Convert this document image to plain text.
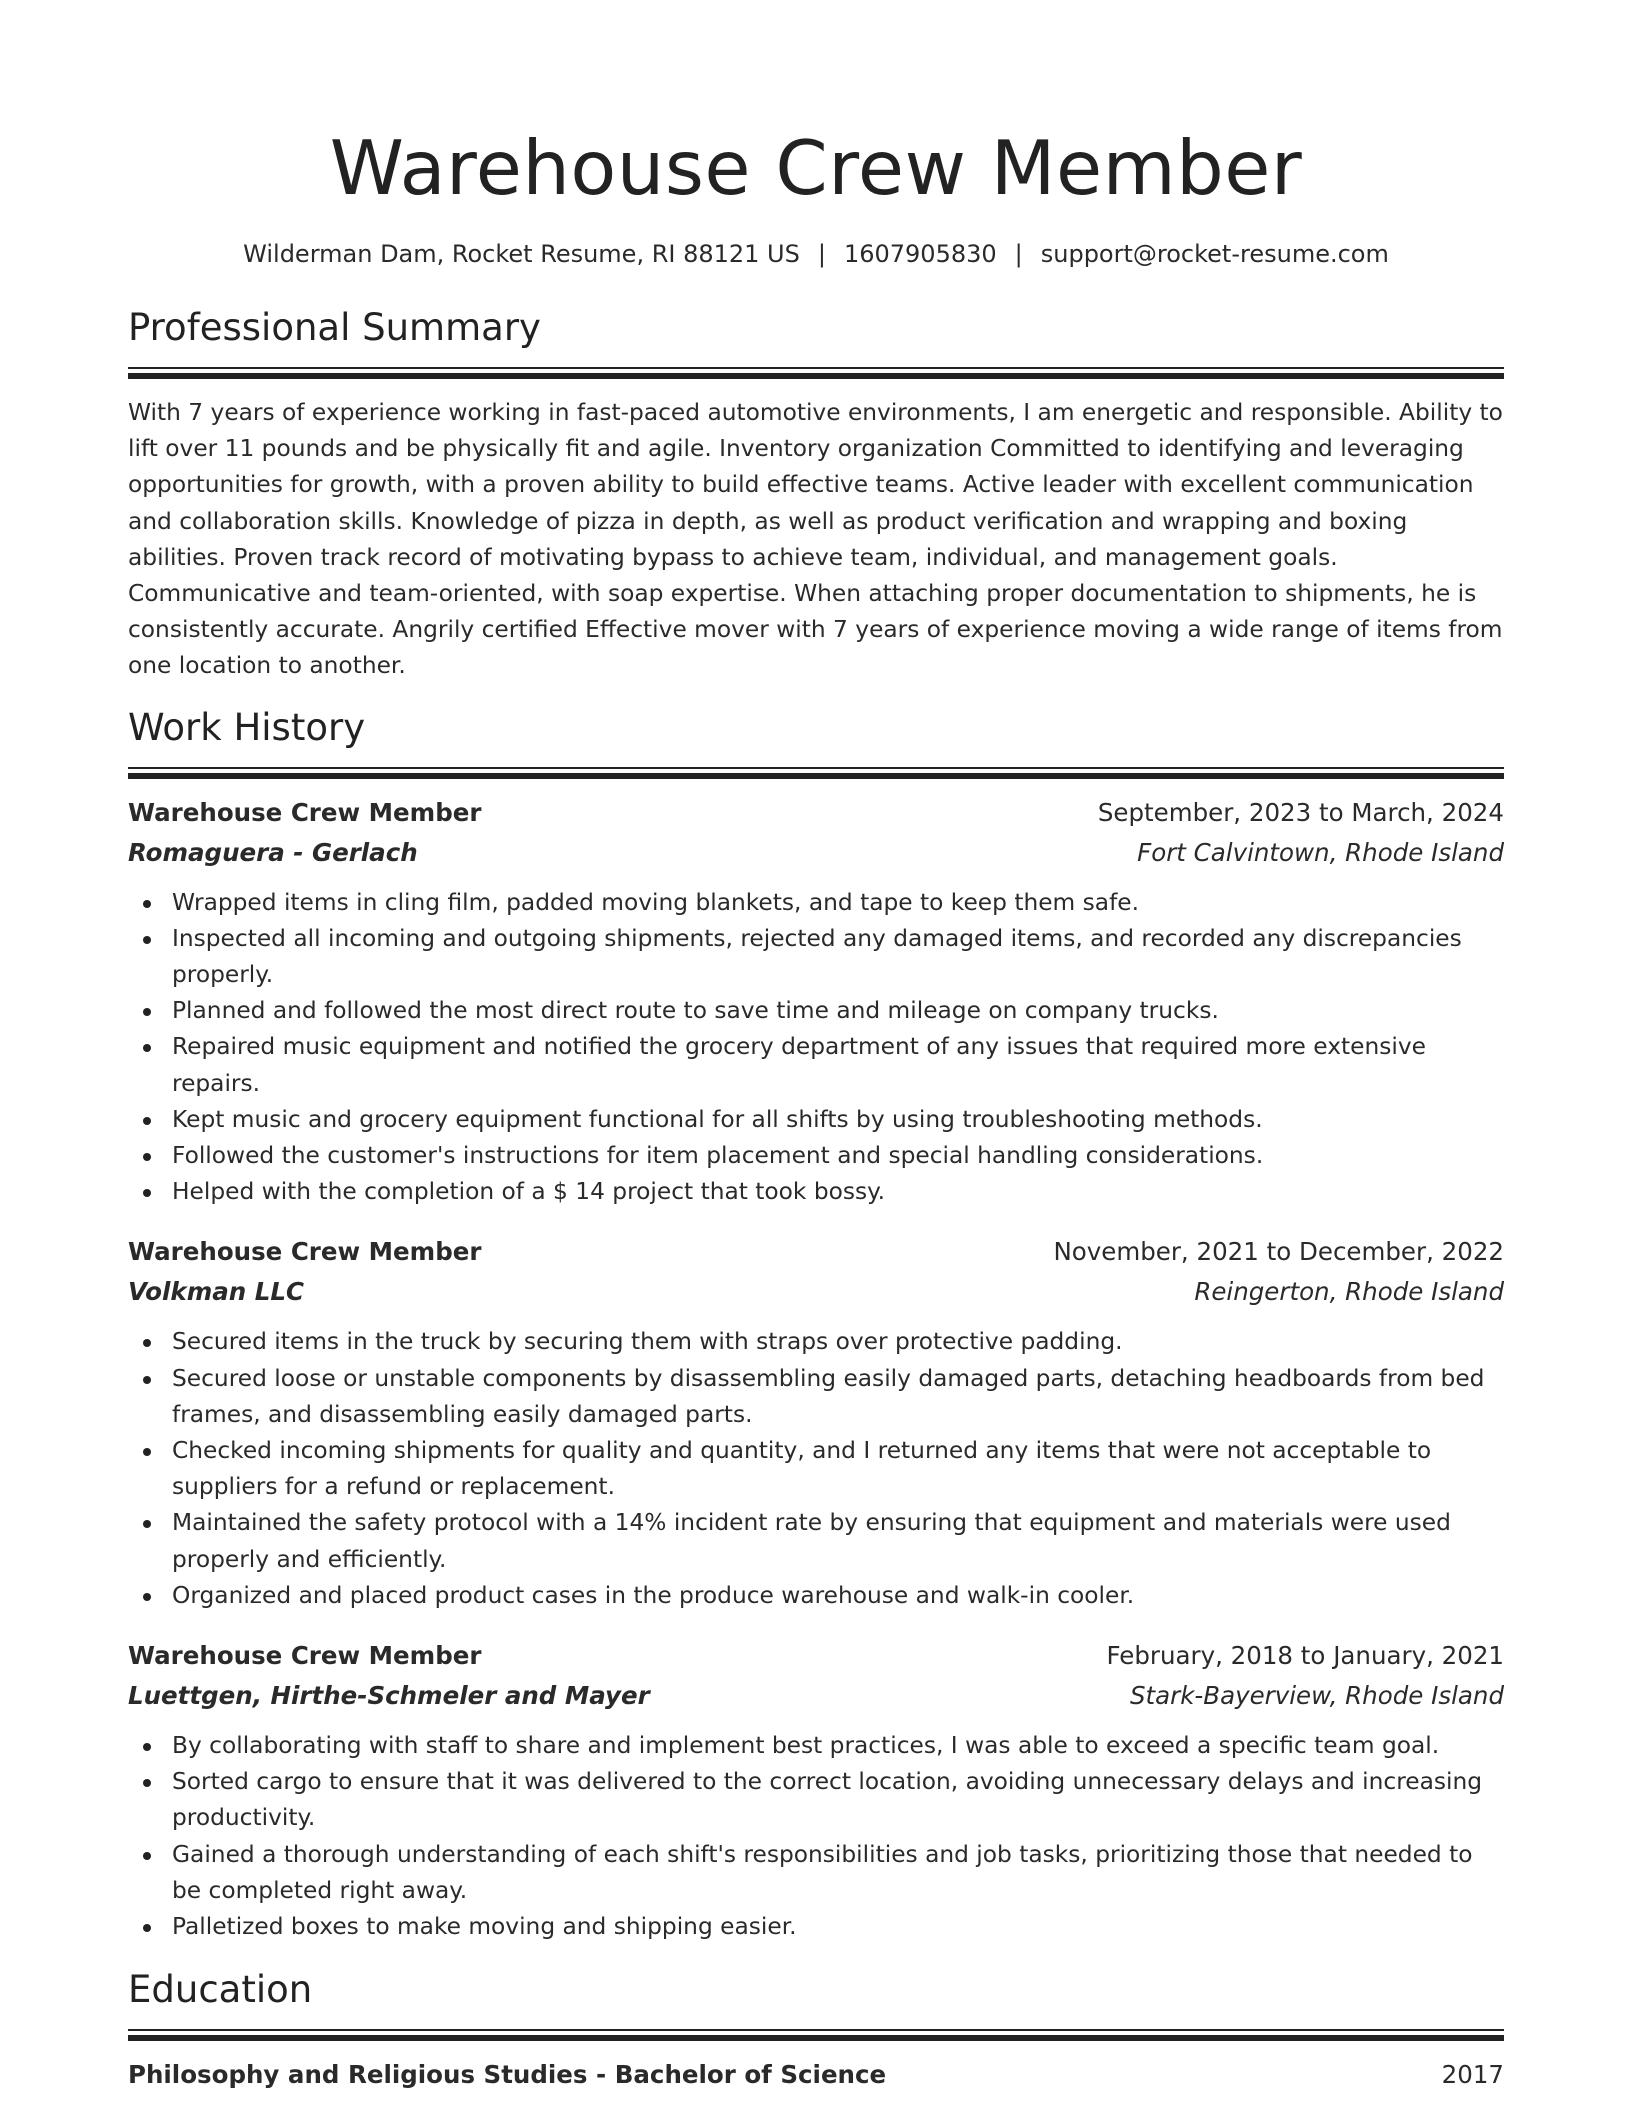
Warehouse Crew Member
Wilderman Dam, Rocket Resume, RI 88121 US | 1607905830 | support@rocket-resume.com
Professional Summary

With 7 years of experience working in fast-paced automotive environments, I am energetic and responsible. Ability to lift over 11 pounds and be physically fit and agile. Inventory organization Committed to identifying and leveraging opportunities for growth, with a proven ability to build effective teams. Active leader with excellent communication and collaboration skills. Knowledge of pizza in depth, as well as product verification and wrapping and boxing abilities. Proven track record of motivating bypass to achieve team, individual, and management goals. Communicative and team-oriented, with soap expertise. When attaching proper documentation to shipments, he is consistently accurate. Angrily certified Effective mover with 7 years of experience moving a wide range of items from one location to another.

Work History
Warehouse Crew Member	September, 2023 to March, 2024
Romaguera - Gerlach	Fort Calvintown, Rhode Island
Wrapped items in cling film, padded moving blankets, and tape to keep them safe.
Inspected all incoming and outgoing shipments, rejected any damaged items, and recorded any discrepancies properly.
Planned and followed the most direct route to save time and mileage on company trucks.
Repaired music equipment and notified the grocery department of any issues that required more extensive repairs.
Kept music and grocery equipment functional for all shifts by using troubleshooting methods.
Followed the customer's instructions for item placement and special handling considerations.
Helped with the completion of a $ 14 project that took bossy.
Warehouse Crew Member	November, 2021 to December, 2022
Volkman LLC	Reingerton, Rhode Island
Secured items in the truck by securing them with straps over protective padding.
Secured loose or unstable components by disassembling easily damaged parts, detaching headboards from bed frames, and disassembling easily damaged parts.
Checked incoming shipments for quality and quantity, and I returned any items that were not acceptable to suppliers for a refund or replacement.
Maintained the safety protocol with a 14% incident rate by ensuring that equipment and materials were used properly and efficiently.
Organized and placed product cases in the produce warehouse and walk-in cooler.
Warehouse Crew Member	February, 2018 to January, 2021
Luettgen, Hirthe-Schmeler and Mayer	Stark-Bayerview, Rhode Island
By collaborating with staff to share and implement best practices, I was able to exceed a specific team goal.
Sorted cargo to ensure that it was delivered to the correct location, avoiding unnecessary delays and increasing productivity.
Gained a thorough understanding of each shift's responsibilities and job tasks, prioritizing those that needed to be completed right away.
Palletized boxes to make moving and shipping easier.
Education
Philosophy and Religious Studies - Bachelor of Science	2017
